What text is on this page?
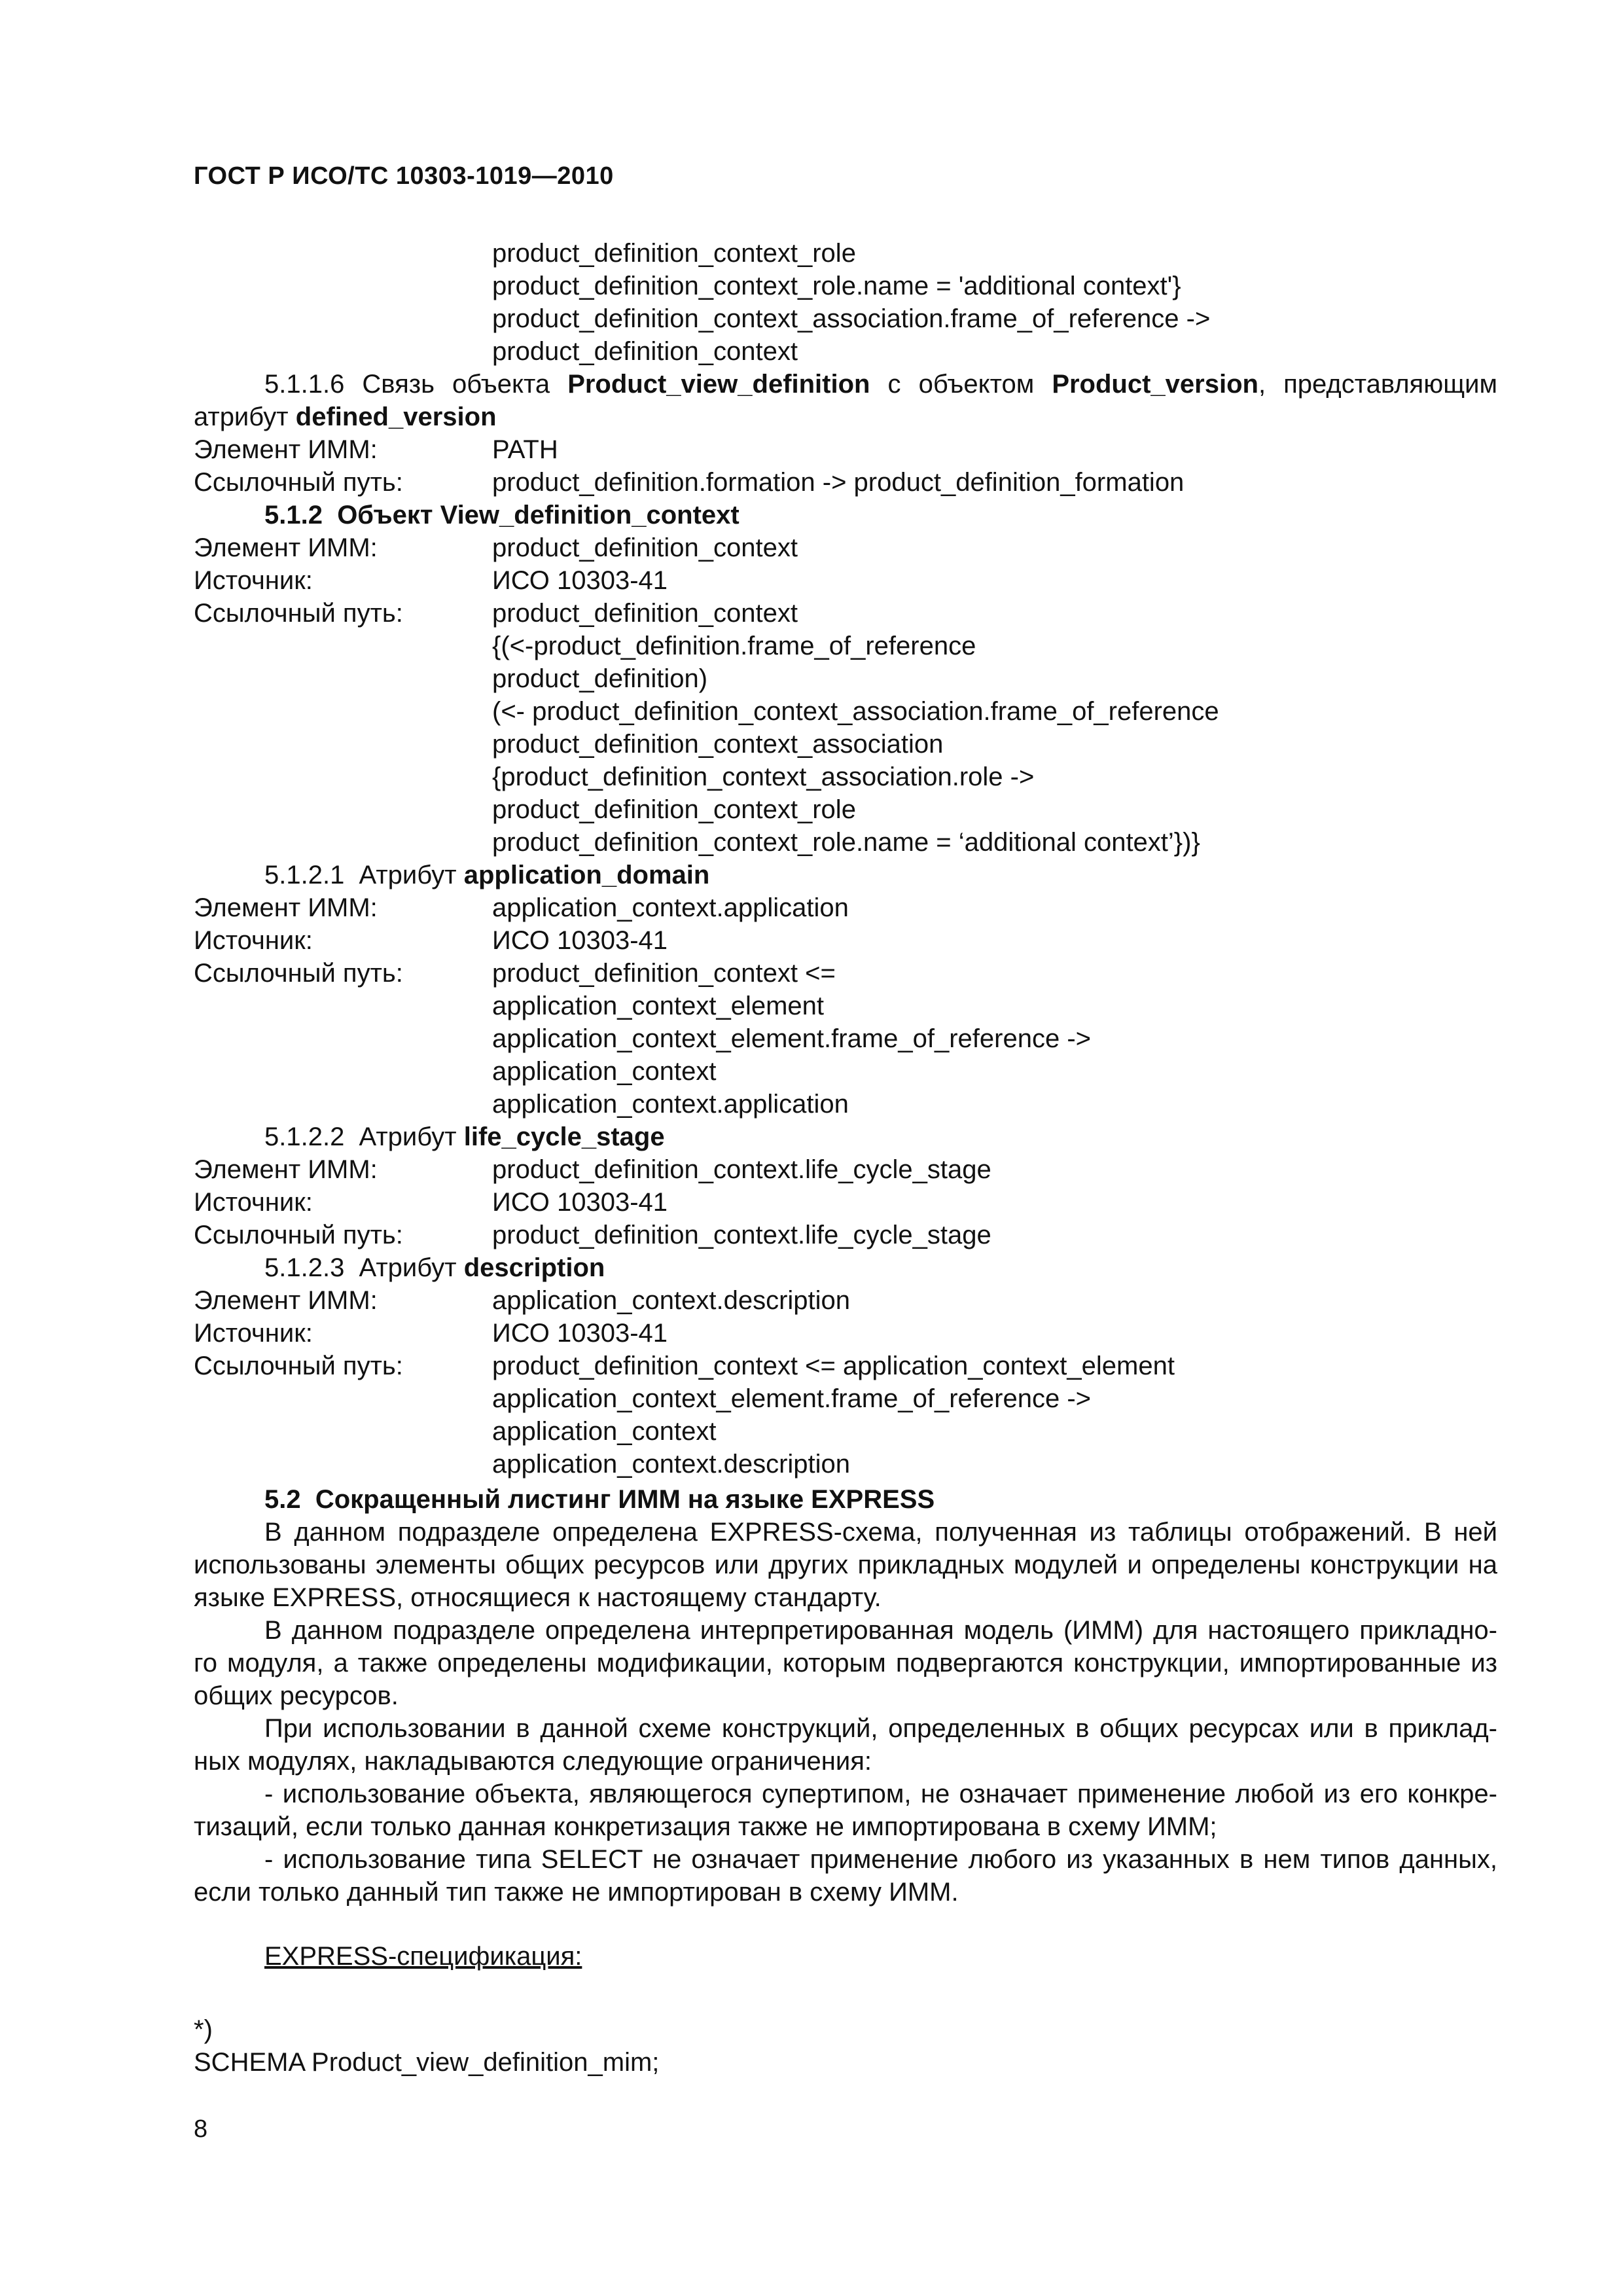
ГОСТ Р ИСО/ТС 10303-1019—2010
product_definition_context_role
product_definition_context_role.name = 'additional context'}
product_definition_context_association.frame_of_reference ->
product_definition_context
5.1.1.6 Связь объекта Product_view_definition с объектом Product_version, представляющим
атрибут defined_version
Элемент ИММ:	PATH
Ссылочный путь:	product_definition.formation -> product_definition_formation
5.1.2  Объект View_definition_context
Элемент ИММ:	product_definition_context
Источник:	ИСО 10303-41
Ссылочный путь:	product_definition_context
{(<-product_definition.frame_of_reference
product_definition)
(<- product_definition_context_association.frame_of_reference
product_definition_context_association
{product_definition_context_association.role ->
product_definition_context_role
product_definition_context_role.name = ‘additional context’})}
5.1.2.1  Атрибут application_domain
Элемент ИММ:	application_context.application
Источник:	ИСО 10303-41
Ссылочный путь:	product_definition_context <=
application_context_element
application_context_element.frame_of_reference ->
application_context
application_context.application
5.1.2.2  Атрибут life_cycle_stage
Элемент ИММ:	product_definition_context.life_cycle_stage
Источник:	ИСО 10303-41
Ссылочный путь:	product_definition_context.life_cycle_stage
5.1.2.3  Атрибут description
Элемент ИММ:	application_context.description
Источник:	ИСО 10303-41
Ссылочный путь:	product_definition_context <= application_context_element
application_context_element.frame_of_reference ->
application_context
application_context.description
5.2  Сокращенный листинг ИММ на языке EXPRESS
В данном подразделе определена EXPRESS-схема, полученная из таблицы отображений. В ней
использованы элементы общих ресурсов или других прикладных модулей и определены конструкции на
языке EXPRESS, относящиеся к настоящему стандарту.
В данном подразделе определена интерпретированная модель (ИММ) для настоящего прикладно-
го модуля, а также определены модификации, которым подвергаются конструкции, импортированные из
общих ресурсов.
При использовании в данной схеме конструкций, определенных в общих ресурсах или в приклад-
ных модулях, накладываются следующие ограничения:
- использование объекта, являющегося супертипом, не означает применение любой из его конкре-
тизаций, если только данная конкретизация также не импортирована в схему ИММ;
- использование типа SELECT не означает применение любого из указанных в нем типов данных,
если только данный тип также не импортирован в схему ИММ.
EXPRESS-спецификация:
*)
SCHEMA Product_view_definition_mim;
8
